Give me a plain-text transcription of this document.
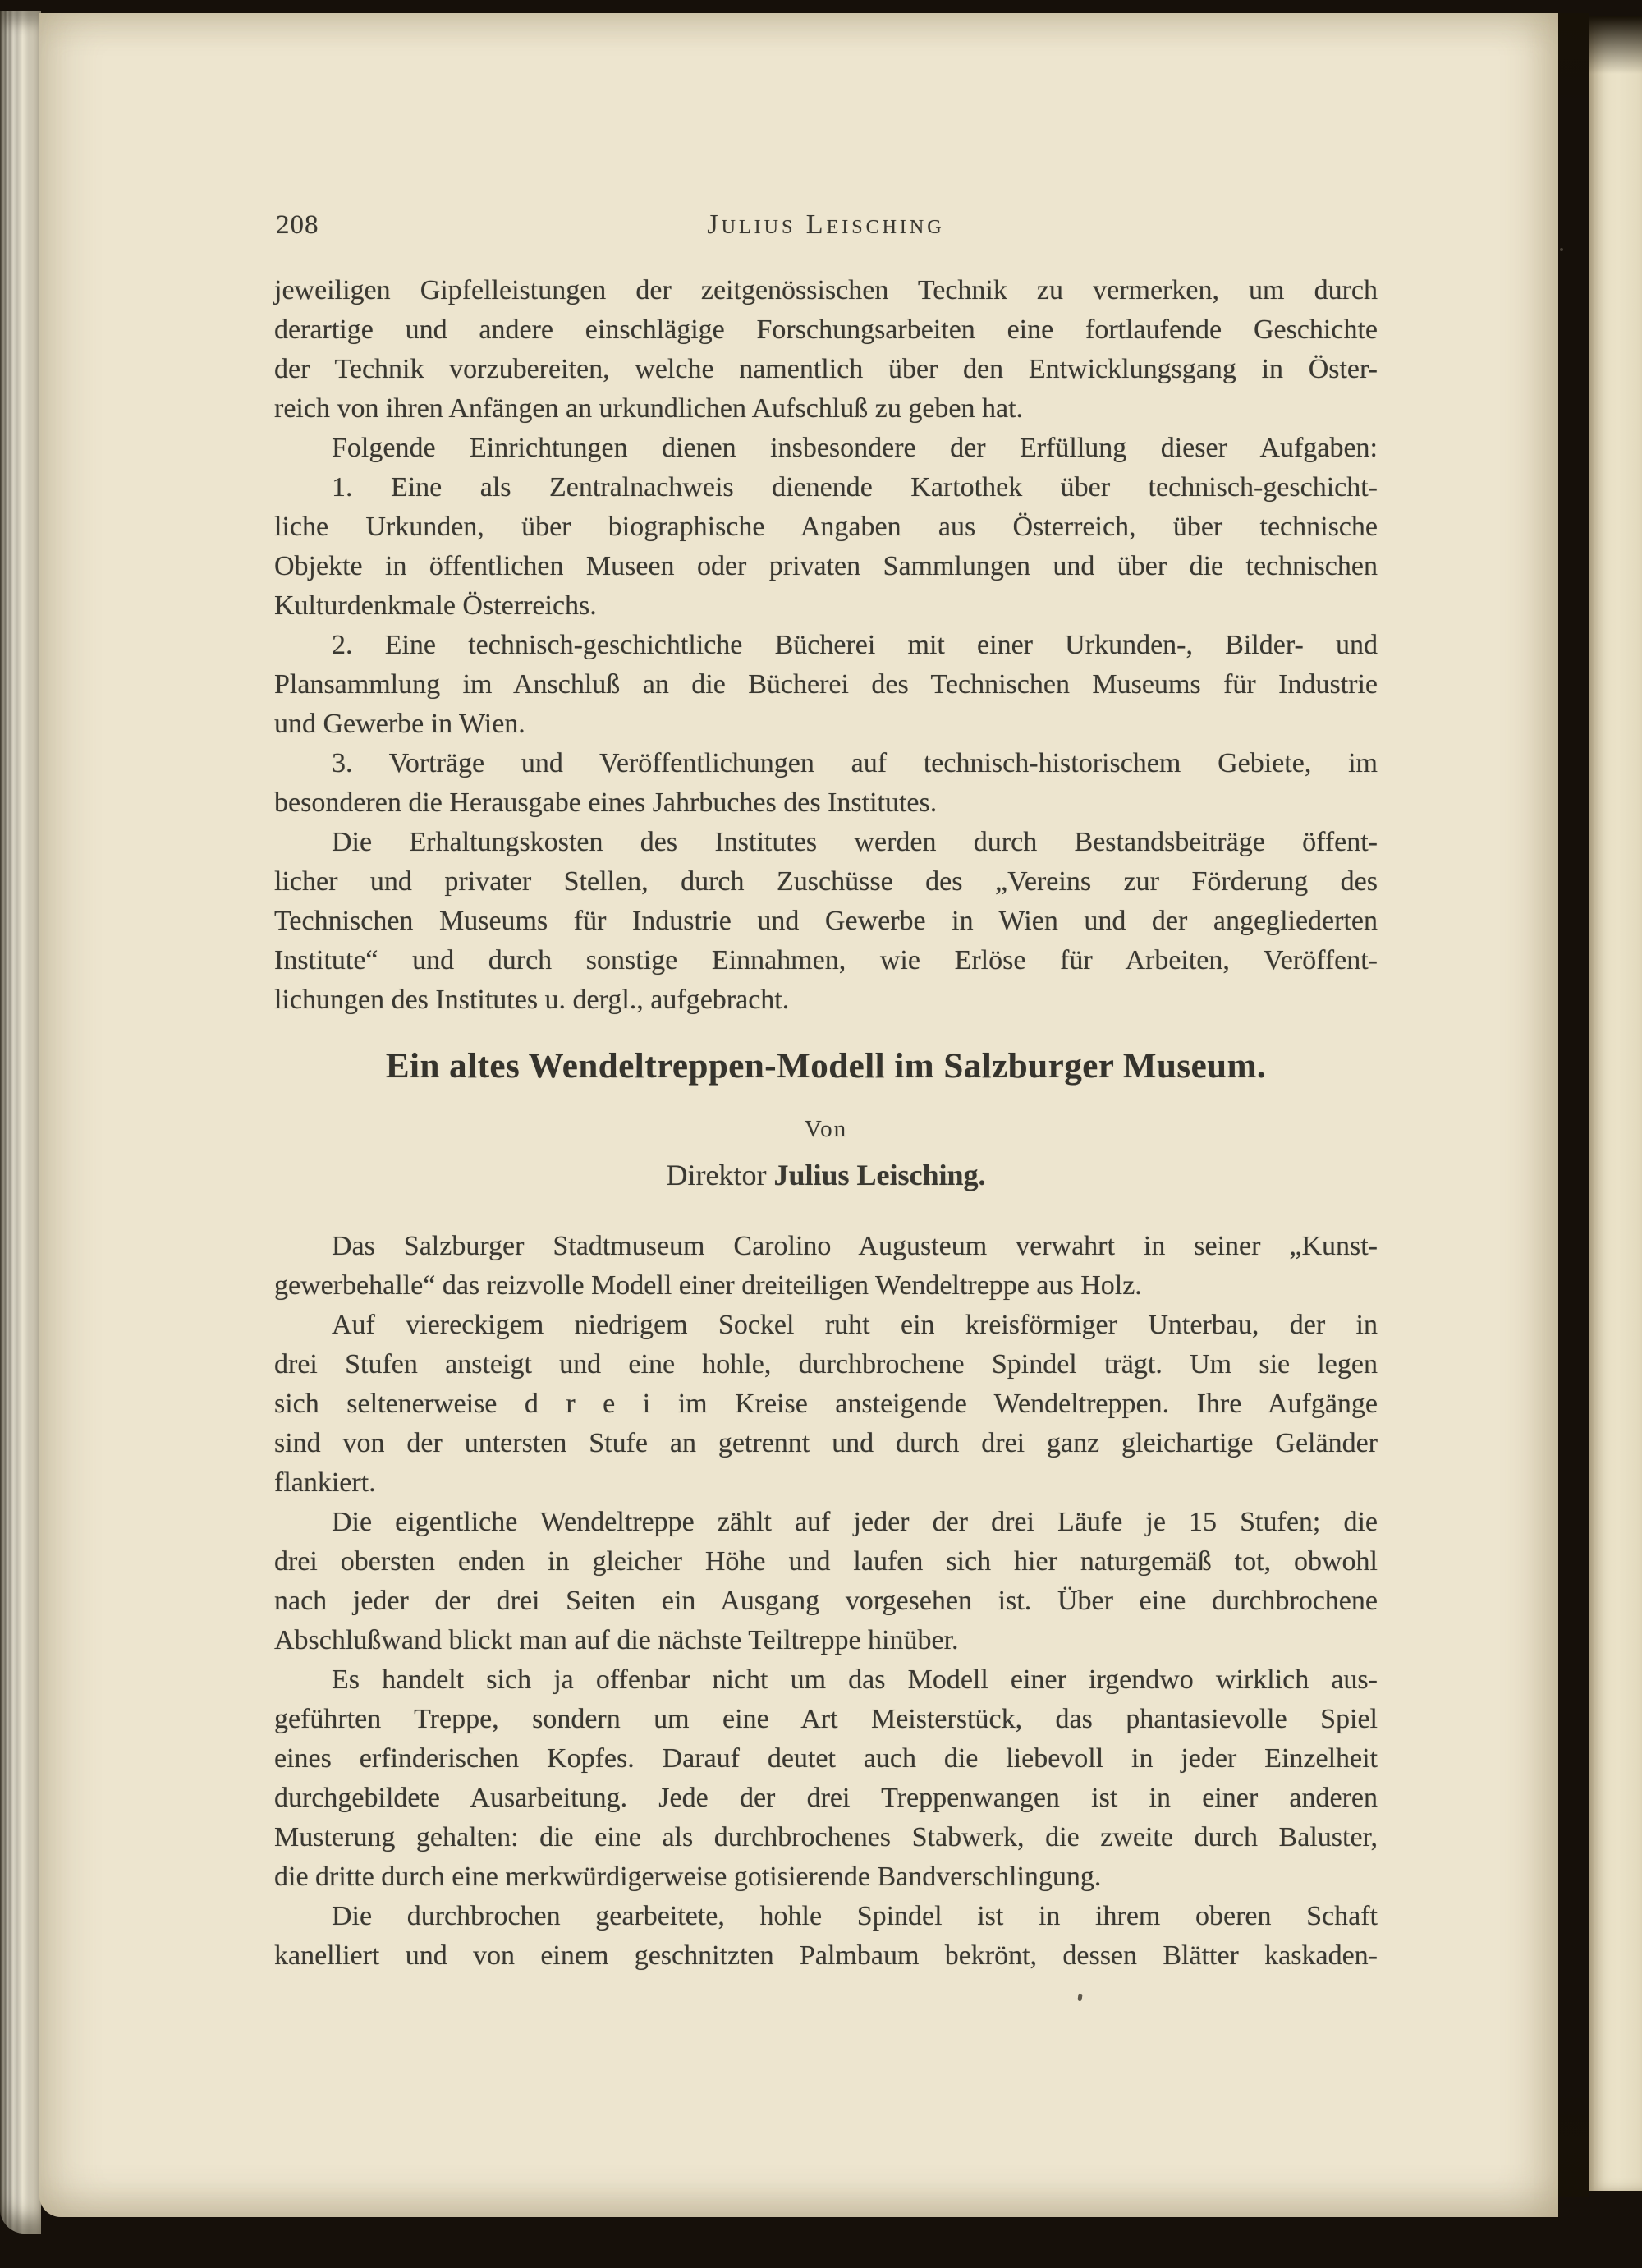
208	Julius Leisching
jeweiligen Gipfelleistungen der zeitgenössischen Technik zu vermerken, um durch
derartige und andere einschlägige Forschungsarbeiten eine fortlaufende Geschichte
der Technik vorzubereiten, welche namentlich über den Entwicklungsgang in Öster-
reich von ihren Anfängen an urkundlichen Aufschluß zu geben hat.
Folgende Einrichtungen dienen insbesondere der Erfüllung dieser Aufgaben:
1. Eine als Zentralnachweis dienende Kartothek über technisch-geschicht-
liche Urkunden, über biographische Angaben aus Österreich, über technische
Objekte in öffentlichen Museen oder privaten Sammlungen und über die technischen
Kulturdenkmale Österreichs.
2. Eine technisch-geschichtliche Bücherei mit einer Urkunden-, Bilder- und
Plansammlung im Anschluß an die Bücherei des Technischen Museums für Industrie
und Gewerbe in Wien.
3. Vorträge und Veröffentlichungen auf technisch-historischem Gebiete, im
besonderen die Herausgabe eines Jahrbuches des Institutes.
Die Erhaltungskosten des Institutes werden durch Bestandsbeiträge öffent-
licher und privater Stellen, durch Zuschüsse des „Vereins zur Förderung des
Technischen Museums für Industrie und Gewerbe in Wien und der angegliederten
Institute“ und durch sonstige Einnahmen, wie Erlöse für Arbeiten, Veröffent-
lichungen des Institutes u. dergl., aufgebracht.
Ein altes Wendeltreppen-Modell im Salzburger Museum.
Von
Direktor Julius Leisching.
Das Salzburger Stadtmuseum Carolino Augusteum verwahrt in seiner „Kunst-
gewerbehalle“ das reizvolle Modell einer dreiteiligen Wendeltreppe aus Holz.
Auf viereckigem niedrigem Sockel ruht ein kreisförmiger Unterbau, der in
drei Stufen ansteigt und eine hohle, durchbrochene Spindel trägt. Um sie legen
sich seltenerweise d r e i im Kreise ansteigende Wendeltreppen. Ihre Aufgänge
sind von der untersten Stufe an getrennt und durch drei ganz gleichartige Geländer
flankiert.
Die eigentliche Wendeltreppe zählt auf jeder der drei Läufe je 15 Stufen; die
drei obersten enden in gleicher Höhe und laufen sich hier naturgemäß tot, obwohl
nach jeder der drei Seiten ein Ausgang vorgesehen ist. Über eine durchbrochene
Abschlußwand blickt man auf die nächste Teiltreppe hinüber.
Es handelt sich ja offenbar nicht um das Modell einer irgendwo wirklich aus-
geführten Treppe, sondern um eine Art Meisterstück, das phantasievolle Spiel
eines erfinderischen Kopfes. Darauf deutet auch die liebevoll in jeder Einzelheit
durchgebildete Ausarbeitung. Jede der drei Treppenwangen ist in einer anderen
Musterung gehalten: die eine als durchbrochenes Stabwerk, die zweite durch Baluster,
die dritte durch eine merkwürdigerweise gotisierende Bandverschlingung.
Die durchbrochen gearbeitete, hohle Spindel ist in ihrem oberen Schaft
kanelliert und von einem geschnitzten Palmbaum bekrönt, dessen Blätter kaskaden-
